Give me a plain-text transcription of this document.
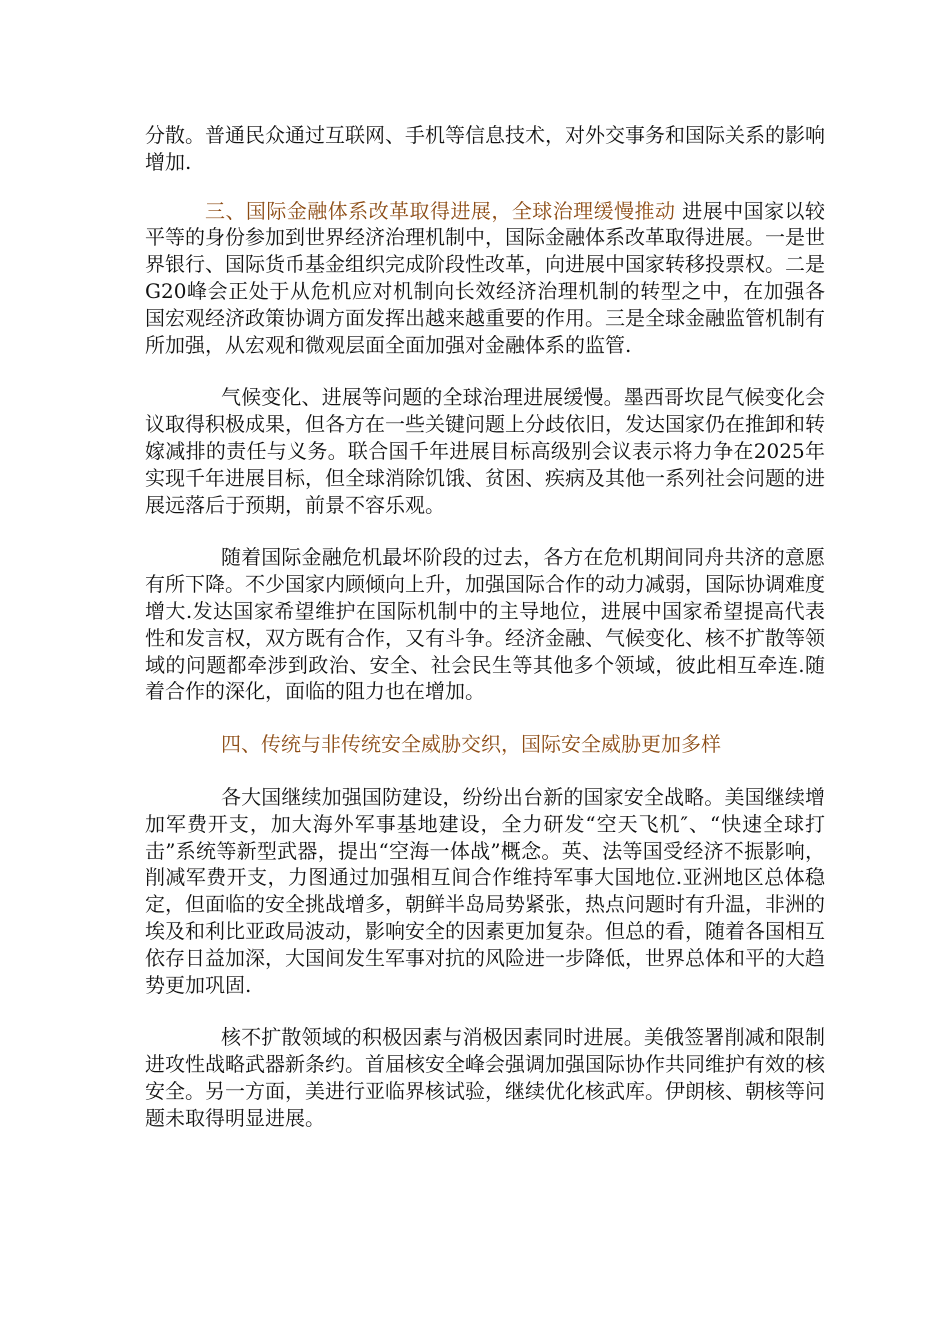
分散。普通民众通过互联网、手机等信息技术，对外交事务和国际关系的影响增加.

三、国际金融体系改革取得进展，全球治理缓慢推动 进展中国家以较平等的身份参加到世界经济治理机制中，国际金融体系改革取得进展。一是世界银行、国际货币基金组织完成阶段性改革，向进展中国家转移投票权。二是G20峰会正处于从危机应对机制向长效经济治理机制的转型之中，在加强各国宏观经济政策协调方面发挥出越来越重要的作用。三是全球金融监管机制有所加强，从宏观和微观层面全面加强对金融体系的监管.

气候变化、进展等问题的全球治理进展缓慢。墨西哥坎昆气候变化会议取得积极成果，但各方在一些关键问题上分歧依旧，发达国家仍在推卸和转嫁减排的责任与义务。联合国千年进展目标高级别会议表示将力争在2025年实现千年进展目标，但全球消除饥饿、贫困、疾病及其他一系列社会问题的进展远落后于预期，前景不容乐观。

随着国际金融危机最坏阶段的过去，各方在危机期间同舟共济的意愿有所下降。不少国家内顾倾向上升，加强国际合作的动力减弱，国际协调难度增大.发达国家希望维护在国际机制中的主导地位，进展中国家希望提高代表性和发言权，双方既有合作，又有斗争。经济金融、气候变化、核不扩散等领域的问题都牵涉到政治、安全、社会民生等其他多个领域，彼此相互牵连.随着合作的深化，面临的阻力也在增加。

四、传统与非传统安全威胁交织，国际安全威胁更加多样

各大国继续加强国防建设，纷纷出台新的国家安全战略。美国继续增加军费开支，加大海外军事基地建设，全力研发“空天飞机″、“快速全球打击”系统等新型武器，提出“空海一体战”概念。英、法等国受经济不振影响，削减军费开支，力图通过加强相互间合作维持军事大国地位.亚洲地区总体稳定，但面临的安全挑战增多，朝鲜半岛局势紧张，热点问题时有升温，非洲的埃及和利比亚政局波动，影响安全的因素更加复杂。但总的看，随着各国相互依存日益加深，大国间发生军事对抗的风险进一步降低，世界总体和平的大趋势更加巩固.

核不扩散领域的积极因素与消极因素同时进展。美俄签署削减和限制进攻性战略武器新条约。首届核安全峰会强调加强国际协作共同维护有效的核安全。另一方面，美进行亚临界核试验，继续优化核武库。伊朗核、朝核等问题未取得明显进展。
